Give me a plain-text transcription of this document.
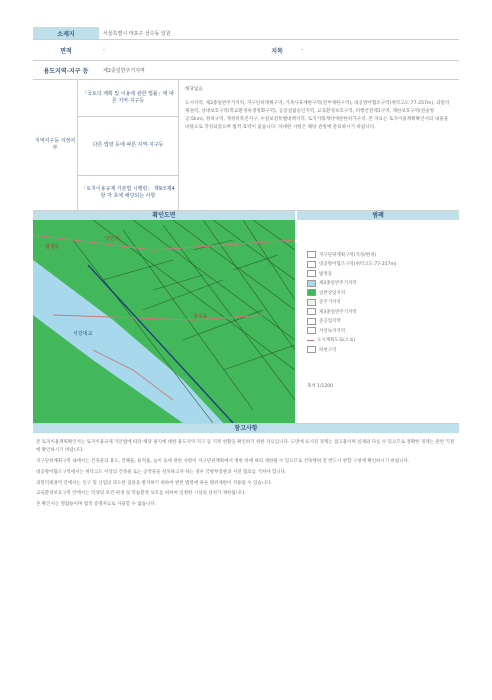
소재지	서울특별시 마포구 상수동 일원
면적	-	지목	-
용도지역·지구 등	제2종일반주거지역
지역지구등 지정여부
「국토의 계획 및 이용에 관한 법률」에 따른 지역·지구등
다른 법령 등에 따른 지역·지구등
「토지이용규제 기본법 시행령」 제9조제4항 각 호에 해당되는 사항
해당없음
도시지역, 제2종일반주거지역, 지구단위계획구역, 가축사육제한구역(전부제한구역), 대공방어협조구역(위탁고도:77-257m), 과밀억제권역, 상대보호구역(학교환경위생정화구역), 공장설립승인지역, 교육환경보호구역, 비행안전제1구역, 제한보호구역(전술항공:5km), 정비구역, 재정비촉진지구, 수질보전특별대책지역, 토지거래계약에관한허가구역. 본 자료는 토지이용계획확인서의 내용을 바탕으로 작성되었으며 법적 효력이 없습니다. 자세한 사항은 해당 관청에 문의하시기 바랍니다.
확인도면	범례
합정동
상수동
서강대교
당인리
지구단위계획구역(지정/변경)
대공방어협조구역(위탁고도:77-257m)
법정동
제2종일반주거지역
일반상업지역
준주거지역
제3종일반주거지역
준공업지역
자연녹지지역
도시계획도로(소로)
하천구역
축척 1/1200
참고사항

본 토지이용계획확인서는 토지이용규제 기본법에 따라 해당 필지에 대한 용도지역·지구 등 지정 현황을 확인하기 위한 자료입니다. 도면에 표시된 경계는 참고용이며 실제와 다를 수 있으므로 정확한 경계는 관련 기관에 확인하시기 바랍니다.

지구단위계획구역 내에서는 건축물의 용도, 건폐율, 용적률, 높이 등에 관한 사항이 지구단위계획에서 정한 바에 따라 제한될 수 있으므로 건축행위 전 반드시 관할 구청에 확인하시기 바랍니다.

대공방어협조구역에서는 위탁고도 이상의 건축물 또는 공작물을 설치하고자 하는 경우 국방부장관과 사전 협의를 거쳐야 합니다.

과밀억제권역 안에서는 인구 및 산업의 과도한 집중을 방지하기 위하여 관련 법령에 따른 행위제한이 적용될 수 있습니다.

교육환경보호구역 안에서는 학생의 보건·위생 및 학습환경 보호를 위하여 일정한 시설의 설치가 제한됩니다.

본 확인서는 열람용이며 법적 증명자료로 사용할 수 없습니다.
